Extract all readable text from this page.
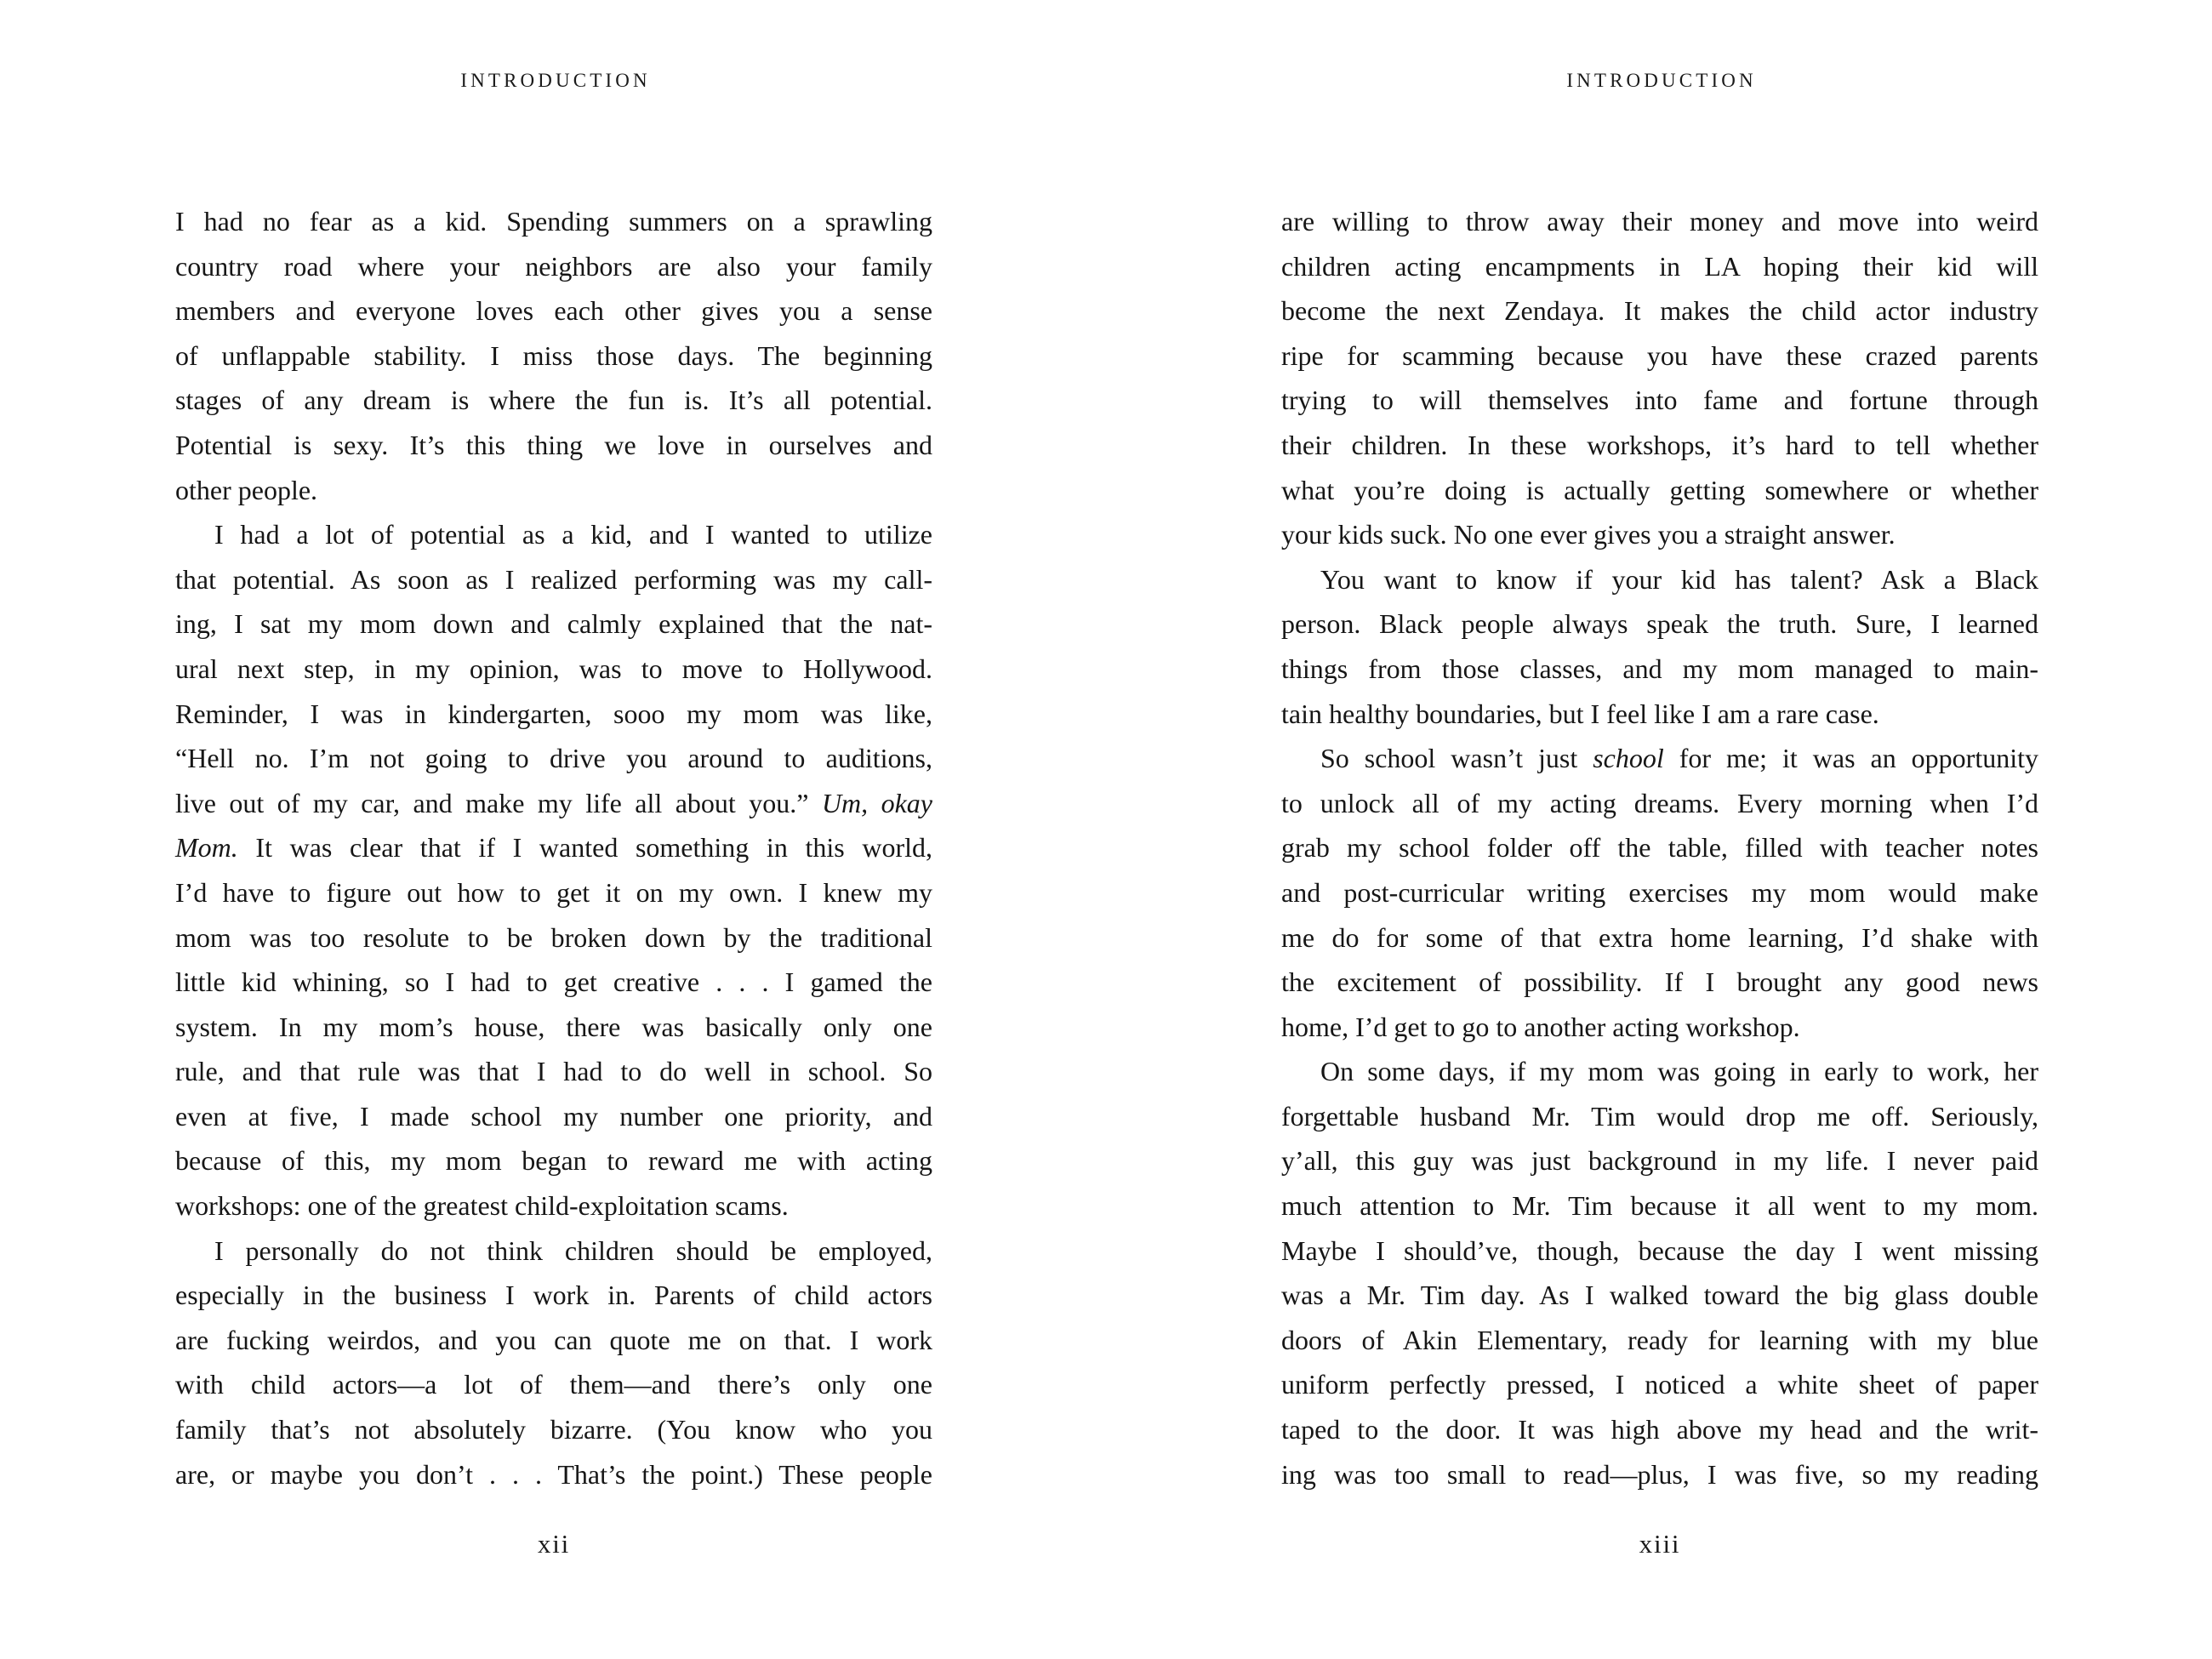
INTRODUCTION
I had no fear as a kid. Spending summers on a sprawling
country road where your neighbors are also your family
members and everyone loves each other gives you a sense
of unflappable stability. I miss those days. The beginning
stages of any dream is where the fun is. It’s all potential.
Potential is sexy. It’s this thing we love in ourselves and
other people.
I had a lot of potential as a kid, and I wanted to utilize
that potential. As soon as I realized performing was my call-
ing, I sat my mom down and calmly explained that the nat-
ural next step, in my opinion, was to move to Hollywood.
Reminder, I was in kindergarten, sooo my mom was like,
“Hell no. I’m not going to drive you around to auditions,
live out of my car, and make my life all about you.” Um, okay
Mom. It was clear that if I wanted something in this world,
I’d have to figure out how to get it on my own. I knew my
mom was too resolute to be broken down by the traditional
little kid whining, so I had to get creative . . . I gamed the
system. In my mom’s house, there was basically only one
rule, and that rule was that I had to do well in school. So
even at five, I made school my number one priority, and
because of this, my mom began to reward me with acting
workshops: one of the greatest child-exploitation scams.
I personally do not think children should be employed,
especially in the business I work in. Parents of child actors
are fucking weirdos, and you can quote me on that. I work
with child actors—a lot of them—and there’s only one
family that’s not absolutely bizarre. (You know who you
are, or maybe you don’t . . . That’s the point.) These people
xii
INTRODUCTION
are willing to throw away their money and move into weird
children acting encampments in LA hoping their kid will
become the next Zendaya. It makes the child actor industry
ripe for scamming because you have these crazed parents
trying to will themselves into fame and fortune through
their children. In these workshops, it’s hard to tell whether
what you’re doing is actually getting somewhere or whether
your kids suck. No one ever gives you a straight answer.
You want to know if your kid has talent? Ask a Black
person. Black people always speak the truth. Sure, I learned
things from those classes, and my mom managed to main-
tain healthy boundaries, but I feel like I am a rare case.
So school wasn’t just school for me; it was an opportunity
to unlock all of my acting dreams. Every morning when I’d
grab my school folder off the table, filled with teacher notes
and post-curricular writing exercises my mom would make
me do for some of that extra home learning, I’d shake with
the excitement of possibility. If I brought any good news
home, I’d get to go to another acting workshop.
On some days, if my mom was going in early to work, her
forgettable husband Mr. Tim would drop me off. Seriously,
y’all, this guy was just background in my life. I never paid
much attention to Mr. Tim because it all went to my mom.
Maybe I should’ve, though, because the day I went missing
was a Mr. Tim day. As I walked toward the big glass double
doors of Akin Elementary, ready for learning with my blue
uniform perfectly pressed, I noticed a white sheet of paper
taped to the door. It was high above my head and the writ-
ing was too small to read—plus, I was five, so my reading
xiii
